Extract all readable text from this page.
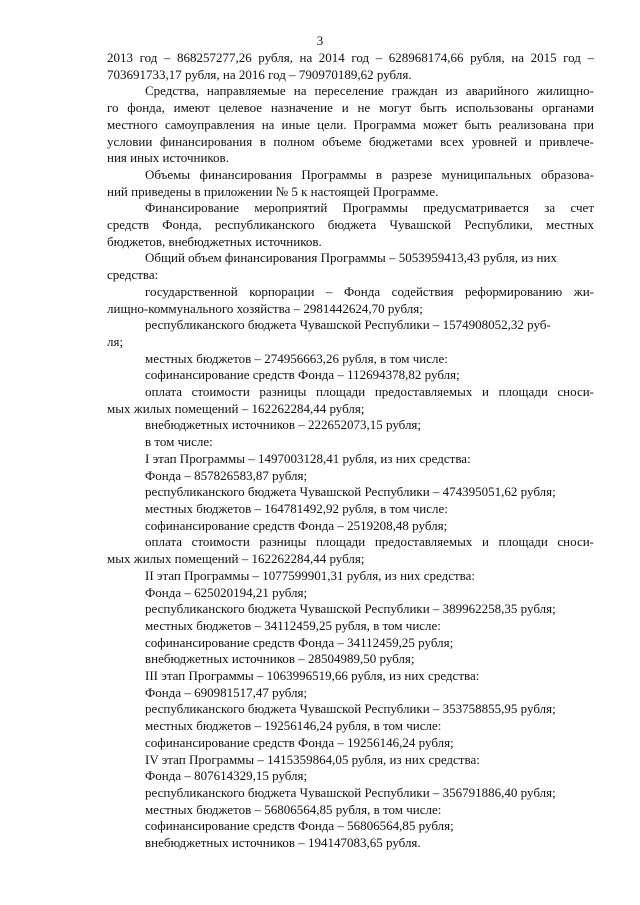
3

2013 год – 868257277,26 рубля, на 2014 год – 628968174,66 рубля, на 2015 год –
703691733,17 рубля, на 2016 год – 790970189,62 рубля.

Средства, направляемые на переселение граждан из аварийного жилищно-
го фонда, имеют целевое назначение и не могут быть использованы органами
местного самоуправления на иные цели. Программа может быть реализована при
условии финансирования в полном объеме бюджетами всех уровней и привлече-
ния иных источников.

Объемы финансирования Программы в разрезе муниципальных образова-
ний приведены в приложении № 5 к настоящей Программе.

Финансирование мероприятий Программы предусматривается за счет
средств Фонда, республиканского бюджета Чувашской Республики, местных
бюджетов, внебюджетных источников.

Общий объем финансирования Программы – 5053959413,43 рубля, из них
средства:

государственной корпорации – Фонда содействия реформированию жи-
лищно-коммунального хозяйства – 2981442624,70 рубля;

республиканского бюджета Чувашской Республики – 1574908052,32 руб-
ля;

местных бюджетов – 274956663,26 рубля, в том числе:

софинансирование средств Фонда – 112694378,82 рубля;

оплата стоимости разницы площади предоставляемых и площади сноси-
мых жилых помещений – 162262284,44 рубля;

внебюджетных источников – 222652073,15 рубля;

в том числе:

I этап Программы – 1497003128,41 рубля, из них средства:

Фонда – 857826583,87 рубля;

республиканского бюджета Чувашской Республики – 474395051,62 рубля;

местных бюджетов – 164781492,92 рубля, в том числе:

софинансирование средств Фонда – 2519208,48 рубля;

оплата стоимости разницы площади предоставляемых и площади сноси-
мых жилых помещений – 162262284,44 рубля;

II этап Программы – 1077599901,31 рубля, из них средства:

Фонда – 625020194,21 рубля;

республиканского бюджета Чувашской Республики – 389962258,35 рубля;

местных бюджетов – 34112459,25 рубля, в том числе:

софинансирование средств Фонда – 34112459,25 рубля;

внебюджетных источников – 28504989,50 рубля;

III этап Программы – 1063996519,66 рубля, из них средства:

Фонда – 690981517,47 рубля;

республиканского бюджета Чувашской Республики – 353758855,95 рубля;

местных бюджетов – 19256146,24 рубля, в том числе:

софинансирование средств Фонда – 19256146,24 рубля;

IV этап Программы – 1415359864,05 рубля, из них средства:

Фонда – 807614329,15 рубля;

республиканского бюджета Чувашской Республики – 356791886,40 рубля;

местных бюджетов – 56806564,85 рубля, в том числе:

софинансирование средств Фонда – 56806564,85 рубля;

внебюджетных источников – 194147083,65 рубля.
